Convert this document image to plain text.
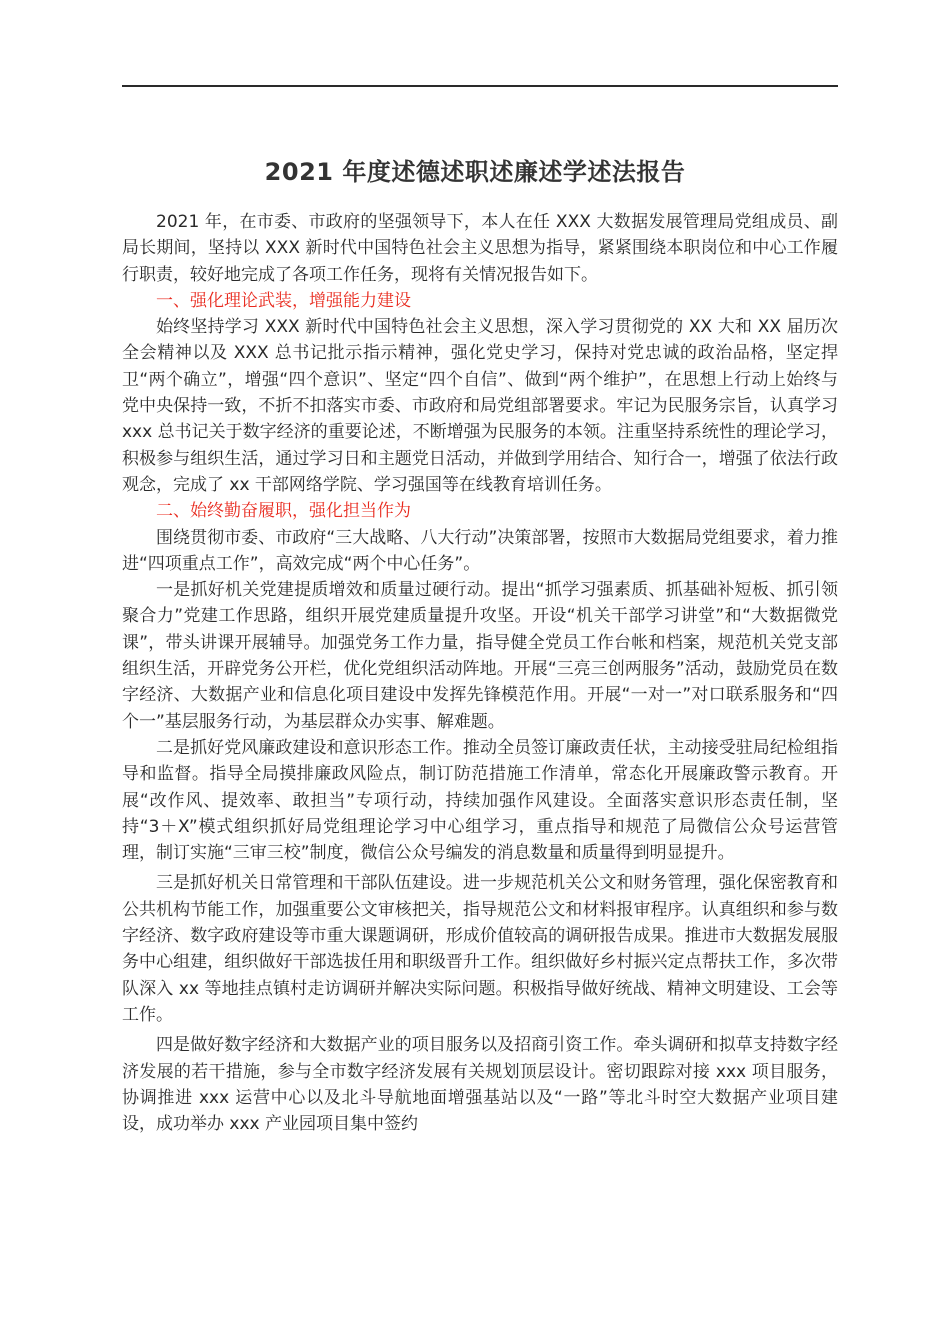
2021 年度述德述职述廉述学述法报告

2021 年，在市委、市政府的坚强领导下，本人在任 XXX 大数据发展管理局党组成员、副局长期间，坚持以 XXX 新时代中国特色社会主义思想为指导，紧紧围绕本职岗位和中心工作履行职责，较好地完成了各项工作任务，现将有关情况报告如下。

一、强化理论武装，增强能力建设

始终坚持学习 XXX 新时代中国特色社会主义思想，深入学习贯彻党的 XX 大和 XX 届历次全会精神以及 XXX 总书记批示指示精神，强化党史学习，保持对党忠诚的政治品格，坚定捍卫“两个确立”，增强“四个意识”、坚定“四个自信”、做到“两个维护”，在思想上行动上始终与党中央保持一致，不折不扣落实市委、市政府和局党组部署要求。牢记为民服务宗旨，认真学习 xxx 总书记关于数字经济的重要论述，不断增强为民服务的本领。注重坚持系统性的理论学习，积极参与组织生活，通过学习日和主题党日活动，并做到学用结合、知行合一，增强了依法行政观念，完成了 xx 干部网络学院、学习强国等在线教育培训任务。

二、始终勤奋履职，强化担当作为

围绕贯彻市委、市政府“三大战略、八大行动”决策部署，按照市大数据局党组要求，着力推进“四项重点工作”，高效完成“两个中心任务”。

一是抓好机关党建提质增效和质量过硬行动。提出“抓学习强素质、抓基础补短板、抓引领聚合力”党建工作思路，组织开展党建质量提升攻坚。开设“机关干部学习讲堂”和“大数据微党课”，带头讲课开展辅导。加强党务工作力量，指导健全党员工作台帐和档案，规范机关党支部组织生活，开辟党务公开栏，优化党组织活动阵地。开展“三亮三创两服务”活动，鼓励党员在数字经济、大数据产业和信息化项目建设中发挥先锋模范作用。开展“一对一”对口联系服务和“四个一”基层服务行动，为基层群众办实事、解难题。

二是抓好党风廉政建设和意识形态工作。推动全员签订廉政责任状，主动接受驻局纪检组指导和监督。指导全局摸排廉政风险点，制订防范措施工作清单，常态化开展廉政警示教育。开展“改作风、提效率、敢担当”专项行动，持续加强作风建设。全面落实意识形态责任制，坚持“3＋X”模式组织抓好局党组理论学习中心组学习，重点指导和规范了局微信公众号运营管理，制订实施“三审三校”制度，微信公众号编发的消息数量和质量得到明显提升。

三是抓好机关日常管理和干部队伍建设。进一步规范机关公文和财务管理，强化保密教育和公共机构节能工作，加强重要公文审核把关，指导规范公文和材料报审程序。认真组织和参与数字经济、数字政府建设等市重大课题调研，形成价值较高的调研报告成果。推进市大数据发展服务中心组建，组织做好干部选拔任用和职级晋升工作。组织做好乡村振兴定点帮扶工作，多次带队深入 xx 等地挂点镇村走访调研并解决实际问题。积极指导做好统战、精神文明建设、工会等工作。

四是做好数字经济和大数据产业的项目服务以及招商引资工作。牵头调研和拟草支持数字经济发展的若干措施，参与全市数字经济发展有关规划顶层设计。密切跟踪对接 xxx 项目服务，协调推进 xxx 运营中心以及北斗导航地面增强基站以及“一路”等北斗时空大数据产业项目建设，成功举办 xxx 产业园项目集中签约
